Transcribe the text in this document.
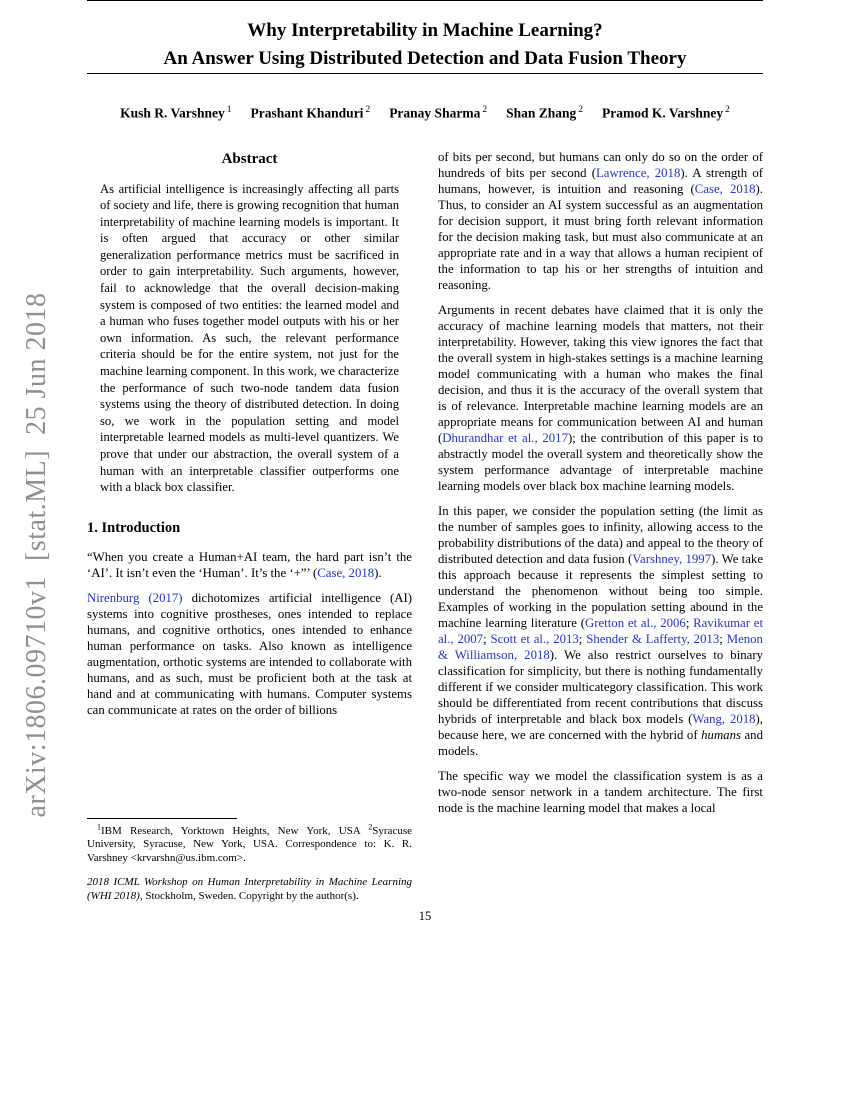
arXiv:1806.09710v1  [stat.ML]  25 Jun 2018
Why Interpretability in Machine Learning?
An Answer Using Distributed Detection and Data Fusion Theory
Kush R. Varshney $^1$ Prashant Khanduri $^2$ Pranay Sharma $^2$ Shan Zhang $^2$ Pramod K. Varshney $^2$
Abstract
As artificial intelligence is increasingly affecting all parts of society and life, there is growing recognition that human interpretability of machine learning models is important. It is often argued that accuracy or other similar generalization performance metrics must be sacrificed in order to gain interpretability. Such arguments, however, fail to acknowledge that the overall decision-making system is composed of two entities: the learned model and a human who fuses together model outputs with his or her own information. As such, the relevant performance criteria should be for the entire system, not just for the machine learning component. In this work, we characterize the performance of such two-node tandem data fusion systems using the theory of distributed detection. In doing so, we work in the population setting and model interpretable learned models as multi-level quantizers. We prove that under our abstraction, the overall system of a human with an interpretable classifier outperforms one with a black box classifier.
1. Introduction

“When you create a Human+AI team, the hard part isn’t the ‘AI’. It isn’t even the ‘Human’. It’s the ‘+”’ (Case, 2018).

Nirenburg (2017) dichotomizes artificial intelligence (AI) systems into cognitive prostheses, ones intended to replace humans, and cognitive orthotics, ones intended to enhance human performance on tasks. Also known as intelligence augmentation, orthotic systems are intended to collaborate with humans, and as such, must be proficient both at the task at hand and at communicating with humans. Computer systems can communicate at rates on the order of billions

$^1$IBM Research, Yorktown Heights, New York, USA $^2$Syracuse University, Syracuse, New York, USA. Correspondence to: K. R. Varshney <krvarshn@us.ibm.com>.

2018 ICML Workshop on Human Interpretability in Machine Learning (WHI 2018), Stockholm, Sweden. Copyright by the author(s).

of bits per second, but humans can only do so on the order of hundreds of bits per second (Lawrence, 2018). A strength of humans, however, is intuition and reasoning (Case, 2018). Thus, to consider an AI system successful as an augmentation for decision support, it must bring forth relevant information for the decision making task, but must also communicate at an appropriate rate and in a way that allows a human recipient of the information to tap his or her strengths of intuition and reasoning.

Arguments in recent debates have claimed that it is only the accuracy of machine learning models that matters, not their interpretability. However, taking this view ignores the fact that the overall system in high-stakes settings is a machine learning model communicating with a human who makes the final decision, and thus it is the accuracy of the overall system that is of relevance. Interpretable machine learning models are an appropriate means for communication between AI and human (Dhurandhar et al., 2017); the contribution of this paper is to abstractly model the overall system and theoretically show the system performance advantage of interpretable machine learning models over black box machine learning models.

In this paper, we consider the population setting (the limit as the number of samples goes to infinity, allowing access to the probability distributions of the data) and appeal to the theory of distributed detection and data fusion (Varshney, 1997). We take this approach because it represents the simplest setting to understand the phenomenon without being too simple. Examples of working in the population setting abound in the machine learning literature (Gretton et al., 2006; Ravikumar et al., 2007; Scott et al., 2013; Shender & Lafferty, 2013; Menon & Williamson, 2018). We also restrict ourselves to binary classification for simplicity, but there is nothing fundamentally different if we consider multicategory classification. This work should be differentiated from recent contributions that discuss hybrids of interpretable and black box models (Wang, 2018), because here, we are concerned with the hybrid of humans and models.

The specific way we model the classification system is as a two-node sensor network in a tandem architecture. The first node is the machine learning model that makes a local

15
